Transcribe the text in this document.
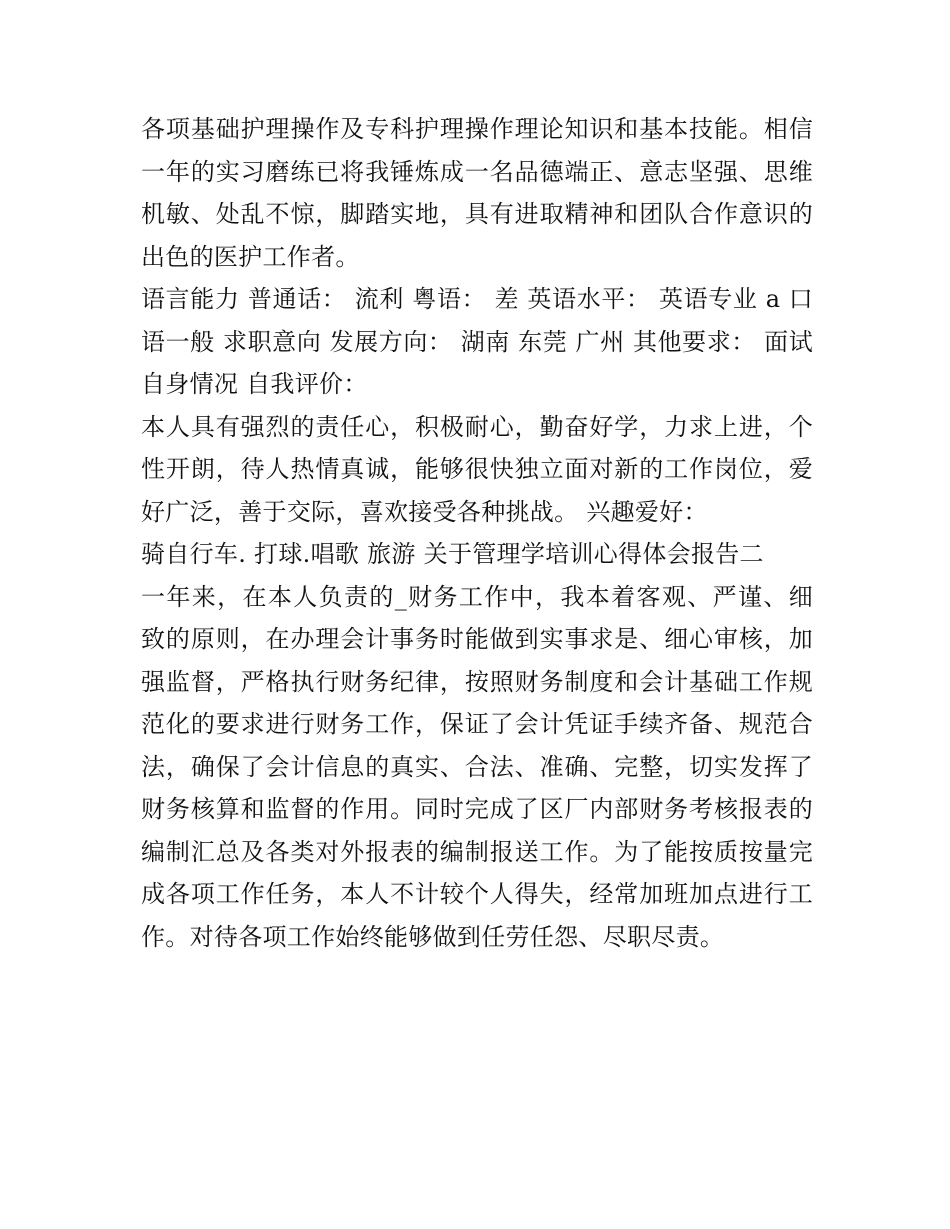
各项基础护理操作及专科护理操作理论知识和基本技能。相信
一年的实习磨练已将我锤炼成一名品德端正、意志坚强、思维
机敏、处乱不惊，脚踏实地，具有进取精神和团队合作意识的
出色的医护工作者。
语言能力 普通话： 流利 粤语： 差 英语水平： 英语专业 a 口
语一般 求职意向 发展方向： 湖南 东莞 广州 其他要求： 面试
自身情况 自我评价：
本人具有强烈的责任心，积极耐心，勤奋好学，力求上进，个
性开朗，待人热情真诚，能够很快独立面对新的工作岗位，爱
好广泛，善于交际，喜欢接受各种挑战。 兴趣爱好：
骑自行车. 打球.唱歌 旅游 关于管理学培训心得体会报告二
一年来，在本人负责的_财务工作中，我本着客观、严谨、细
致的原则，在办理会计事务时能做到实事求是、细心审核，加
强监督，严格执行财务纪律，按照财务制度和会计基础工作规
范化的要求进行财务工作，保证了会计凭证手续齐备、规范合
法，确保了会计信息的真实、合法、准确、完整，切实发挥了
财务核算和监督的作用。同时完成了区厂内部财务考核报表的
编制汇总及各类对外报表的编制报送工作。为了能按质按量完
成各项工作任务，本人不计较个人得失，经常加班加点进行工
作。对待各项工作始终能够做到任劳任怨、尽职尽责。
